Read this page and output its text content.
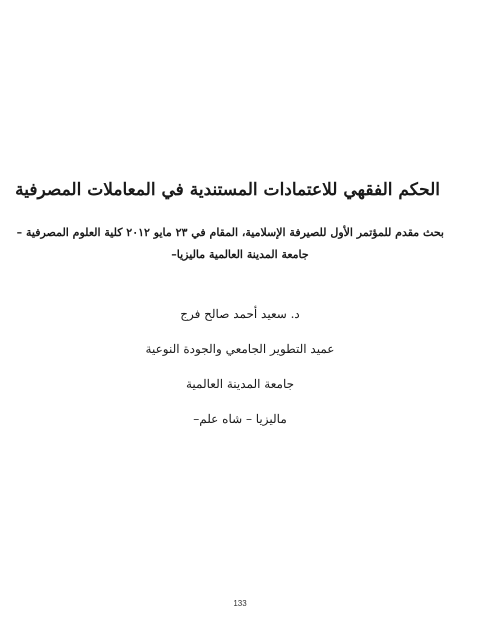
الحكم الفقهي للاعتمادات المستندية في المعاملات المصرفية
بحث مقدم للمؤتمر الأول للصيرفة الإسلامية، المقام في ٢٣ مايو ٢٠١٢ كلية العلوم المصرفية –
جامعة المدينة العالمية ماليزيا–
د. سعيد أحمد صالح فرج
عميد التطوير الجامعي والجودة النوعية
جامعة المدينة العالمية
ماليزيا – شاه علم–
133
